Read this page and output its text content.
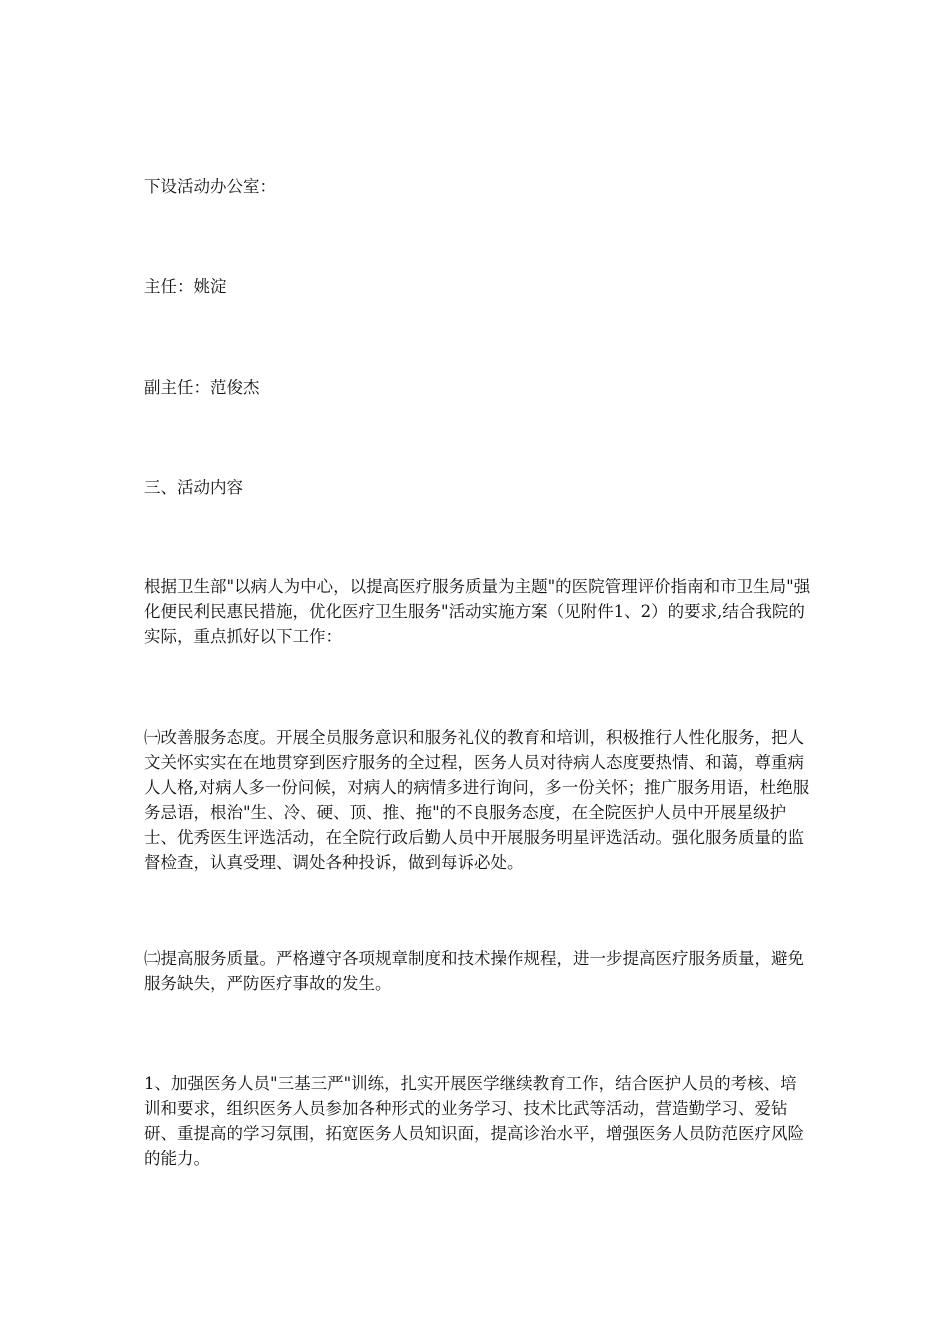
下设活动办公室：

主任：姚淀

副主任：范俊杰

三、活动内容

根据卫生部"以病人为中心，以提高医疗服务质量为主题"的医院管理评价指南和市卫生局"强化便民利民惠民措施，优化医疗卫生服务"活动实施方案（见附件1、2）的要求,结合我院的实际，重点抓好以下工作：

㈠改善服务态度。开展全员服务意识和服务礼仪的教育和培训，积极推行人性化服务，把人文关怀实实在在地贯穿到医疗服务的全过程，医务人员对待病人态度要热情、和蔼，尊重病人人格,对病人多一份问候，对病人的病情多进行询问，多一份关怀；推广服务用语，杜绝服务忌语，根治"生、冷、硬、顶、推、拖"的不良服务态度，在全院医护人员中开展星级护士、优秀医生评选活动，在全院行政后勤人员中开展服务明星评选活动。强化服务质量的监督检查，认真受理、调处各种投诉，做到每诉必处。

㈡提高服务质量。严格遵守各项规章制度和技术操作规程，进一步提高医疗服务质量，避免服务缺失，严防医疗事故的发生。

1、加强医务人员"三基三严"训练，扎实开展医学继续教育工作，结合医护人员的考核、培训和要求，组织医务人员参加各种形式的业务学习、技术比武等活动，营造勤学习、爱钻研、重提高的学习氛围，拓宽医务人员知识面，提高诊治水平，增强医务人员防范医疗风险的能力。
